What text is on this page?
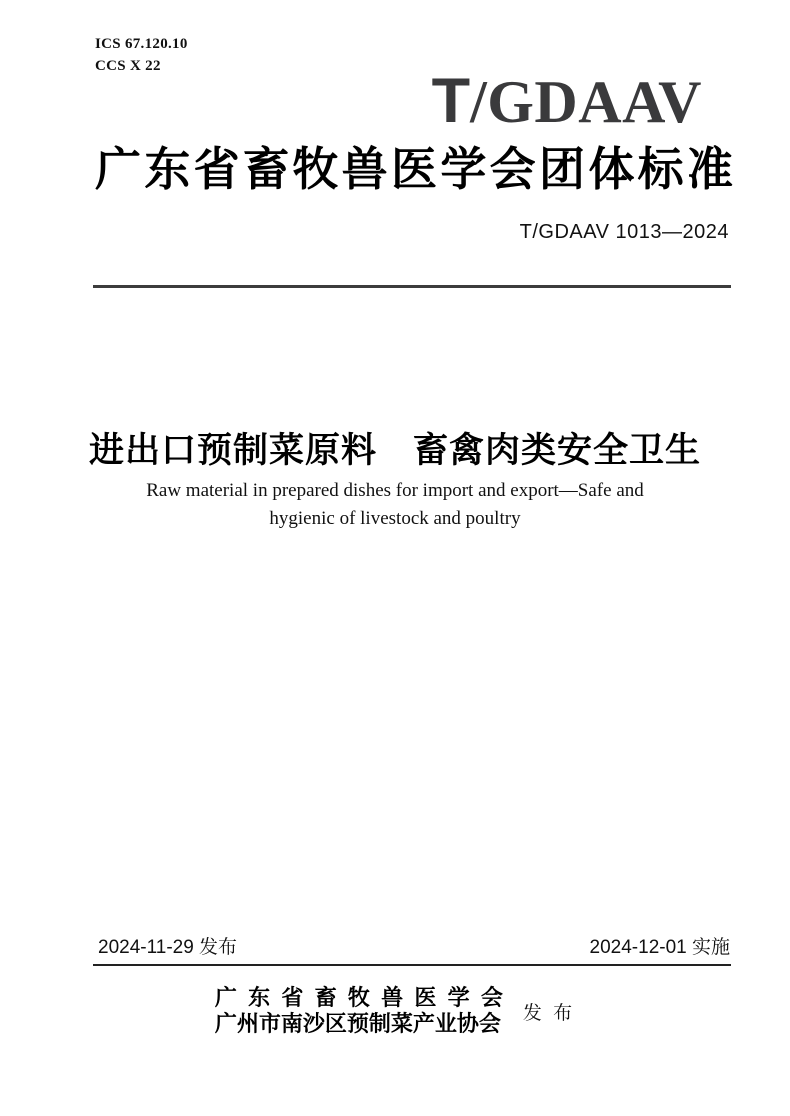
ICS 67.120.10
CCS X 22	T /GDAAV
广东省畜牧兽医学会团体标准
T/GDAAV 1013—2024
进出口预制菜原料　畜禽肉类安全卫生
Raw material in prepared dishes for import and export—Safe and
hygienic of livestock and poultry
2024-11-29 发布	2024-12-01 实施
广东省畜牧兽医学会
广州市南沙区预制菜产业协会 发 布
